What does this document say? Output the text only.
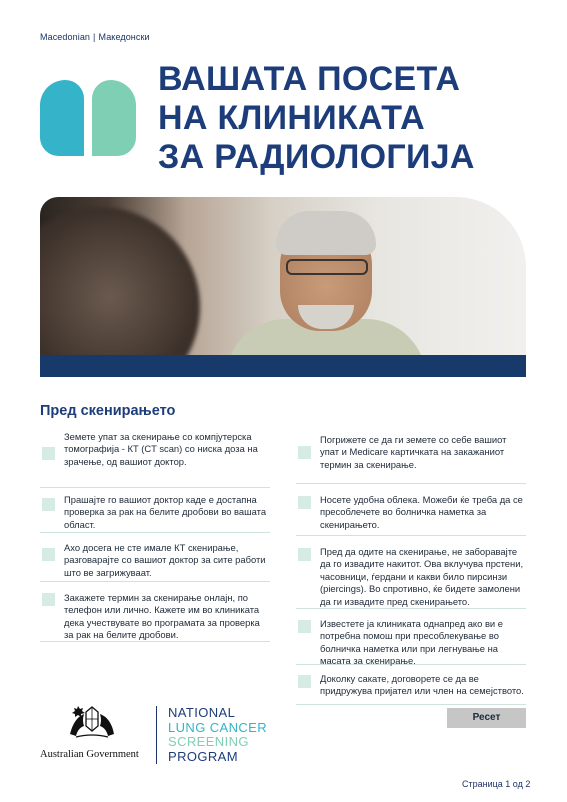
Macedonian | Македонски
ВАШАТА ПОСЕТА
НА КЛИНИКАТА
ЗА РАДИОЛОГИЈА
Пред скенирањето
Земете упат за скенирање со компјутерска томографија - КТ (CT scan) со ниска доза на зрачење, од вашиот доктор.
Прашајте го вашиот доктор каде е достапна проверка за рак на белите дробови во вашата област.
Ахо досега не сте имале КТ скенирање, разговарајте со вашиот доктор за сите работи што ве загрижуваат.
Закажете термин за скенирање онлајн, по телефон или лично. Кажете им во клиниката дека учествувате во програмата за проверка за рак на белите дробови.
Погрижете се да ги земете со себе вашиот упат и Medicare картичката на закажаниот термин за скенирање.
Носете удобна облека. Можеби ќе треба да се пресоблечете во болничка наметка за скенирањето.
Пред да одите на скенирање, не заборавајте да го извадите накитот. Ова вклучува прстени, часовници, ѓердани и какви било пирсинзи (piercings). Во спротивно, ќе бидете замолени да ги извадите пред скенирањето.
Известете ја клиниката однапред ако ви е потребна помош при пресоблекување во болничка наметка или при легнување на масата за скенирање.
Доколку сакате, договорете се да ве придружува пријател или член на семејството.
Ресет
Australian Government
NATIONAL
LUNG CANCER
SCREENING
PROGRAM
Страница 1 од 2
